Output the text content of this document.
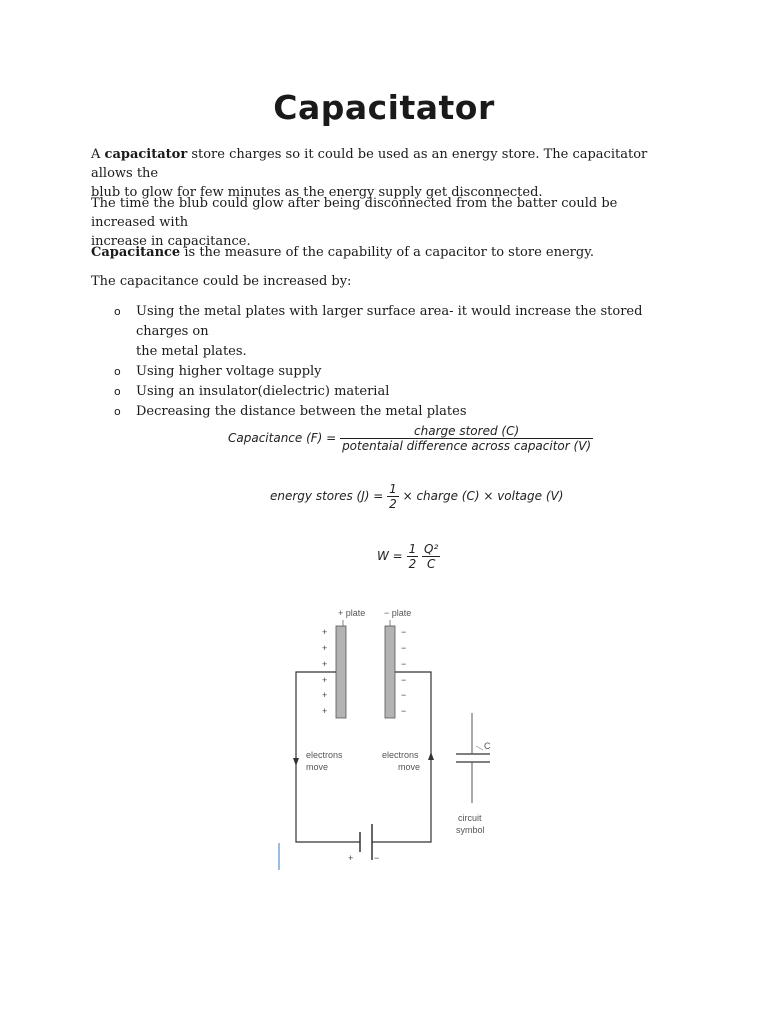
Capacitator

A capacitator store charges so it could be used as an energy store. The capacitator allows the
blub to glow for few minutes as the energy supply get disconnected.

The time the blub could glow after being disconnected from the batter could be increased with
increase in capacitance.

Capacitance is the measure of the capability of a capacitor to store energy.

The capacitance could be increased by:

o Using the metal plates with larger surface area- it would increase the stored charges on
the metal plates.
o Using higher voltage supply
o Using an insulator(dielectric) material
o Decreasing the distance between the metal plates
Capacitance $(F) = \frac{\text{charge stored (C)}}{\text{potentaial difference across capacitor (V)}}$
energy stores $(J) = \frac{1}{2}$ × charge (C) × voltage (V)
$W = \frac{1}{2}$
$\frac{\text{Q²}}{C}$
+ plate − plate
+
+
+
+
+
+
−
−
−
−
−
−
electrons
move
electrons
move
+ −
C
circuit
symbol
